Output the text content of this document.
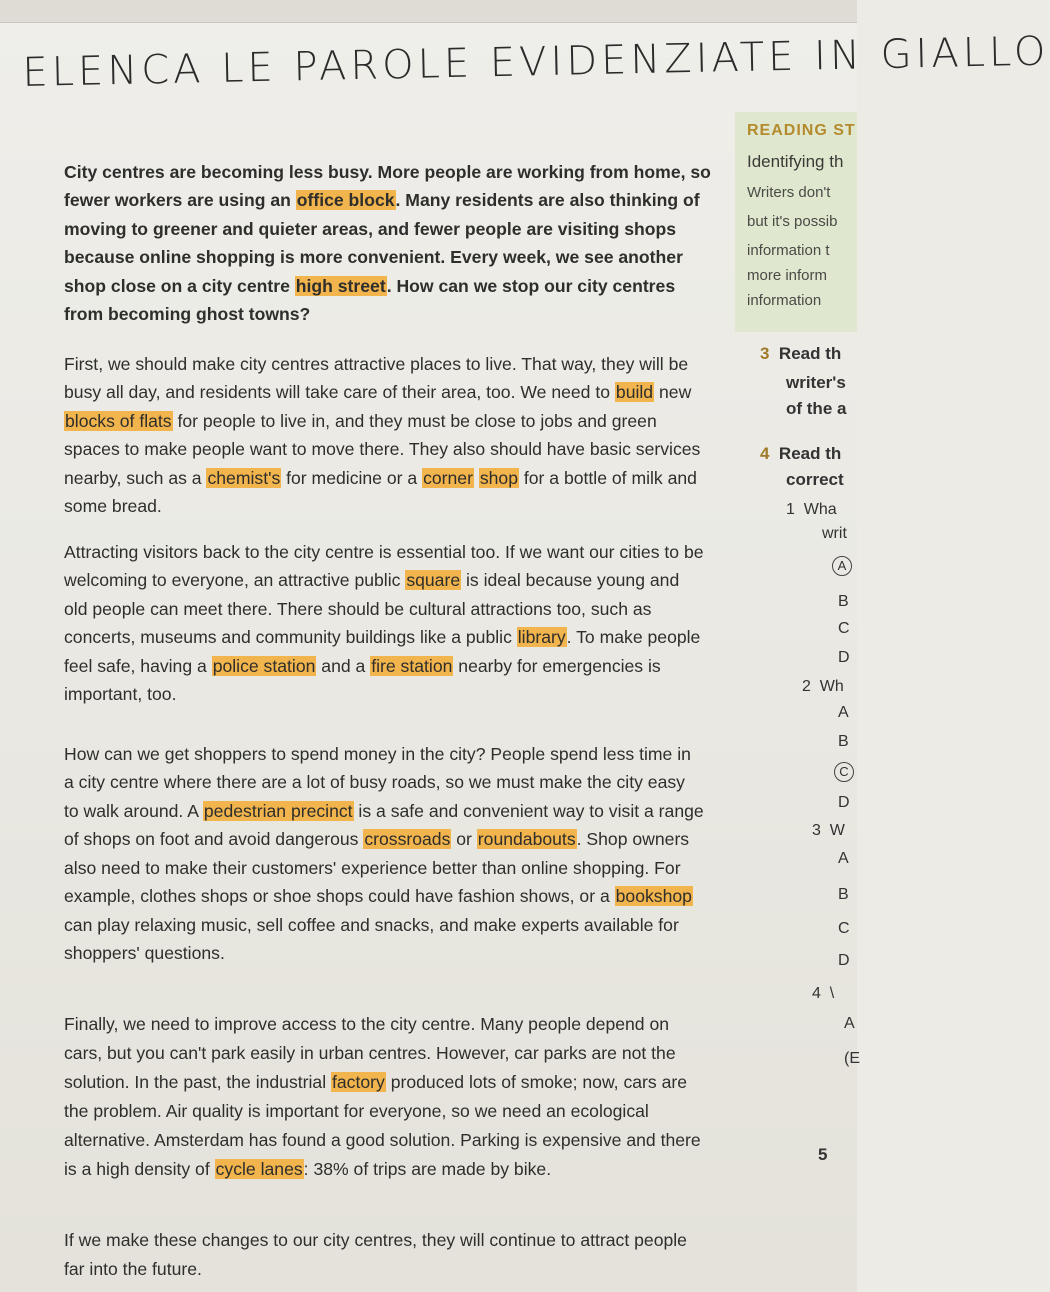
ELENCA LE PAROLE EVIDENZIATE IN GIALLO
READING ST
Identifying th
Writers don't
but it's possib
information t
more inform
information

City centres are becoming less busy. More people are working from home, so fewer workers are using an office block. Many residents are also thinking of moving to greener and quieter areas, and fewer people are visiting shops because online shopping is more convenient. Every week, we see another shop close on a city centre high street. How can we stop our city centres from becoming ghost towns?

First, we should make city centres attractive places to live. That way, they will be busy all day, and residents will take care of their area, too. We need to build new blocks of flats for people to live in, and they must be close to jobs and green spaces to make people want to move there. They also should have basic services nearby, such as a chemist's for medicine or a corner shop for a bottle of milk and some bread.

Attracting visitors back to the city centre is essential too. If we want our cities to be welcoming to everyone, an attractive public square is ideal because young and old people can meet there. There should be cultural attractions too, such as concerts, museums and community buildings like a public library. To make people feel safe, having a police station and a fire station nearby for emergencies is important, too.

How can we get shoppers to spend money in the city? People spend less time in a city centre where there are a lot of busy roads, so we must make the city easy to walk around. A pedestrian precinct is a safe and convenient way to visit a range of shops on foot and avoid dangerous crossroads or roundabouts. Shop owners also need to make their customers' experience better than online shopping. For example, clothes shops or shoe shops could have fashion shows, or a bookshop can play relaxing music, sell coffee and snacks, and make experts available for shoppers' questions.

Finally, we need to improve access to the city centre. Many people depend on cars, but you can't park easily in urban centres. However, car parks are not the solution. In the past, the industrial factory produced lots of smoke; now, cars are the problem. Air quality is important for everyone, so we need an ecological alternative. Amsterdam has found a good solution. Parking is expensive and there is a high density of cycle lanes: 38% of trips are made by bike.

If we make these changes to our city centres, they will continue to attract people far into the future.

3 Read th
writer's
of the a
4 Read th
correct
1 Wha
writ
A
B
C
D
2 Wh
A
B
C
D
3 W
A
B
C
D
4 \
A
(E
5
